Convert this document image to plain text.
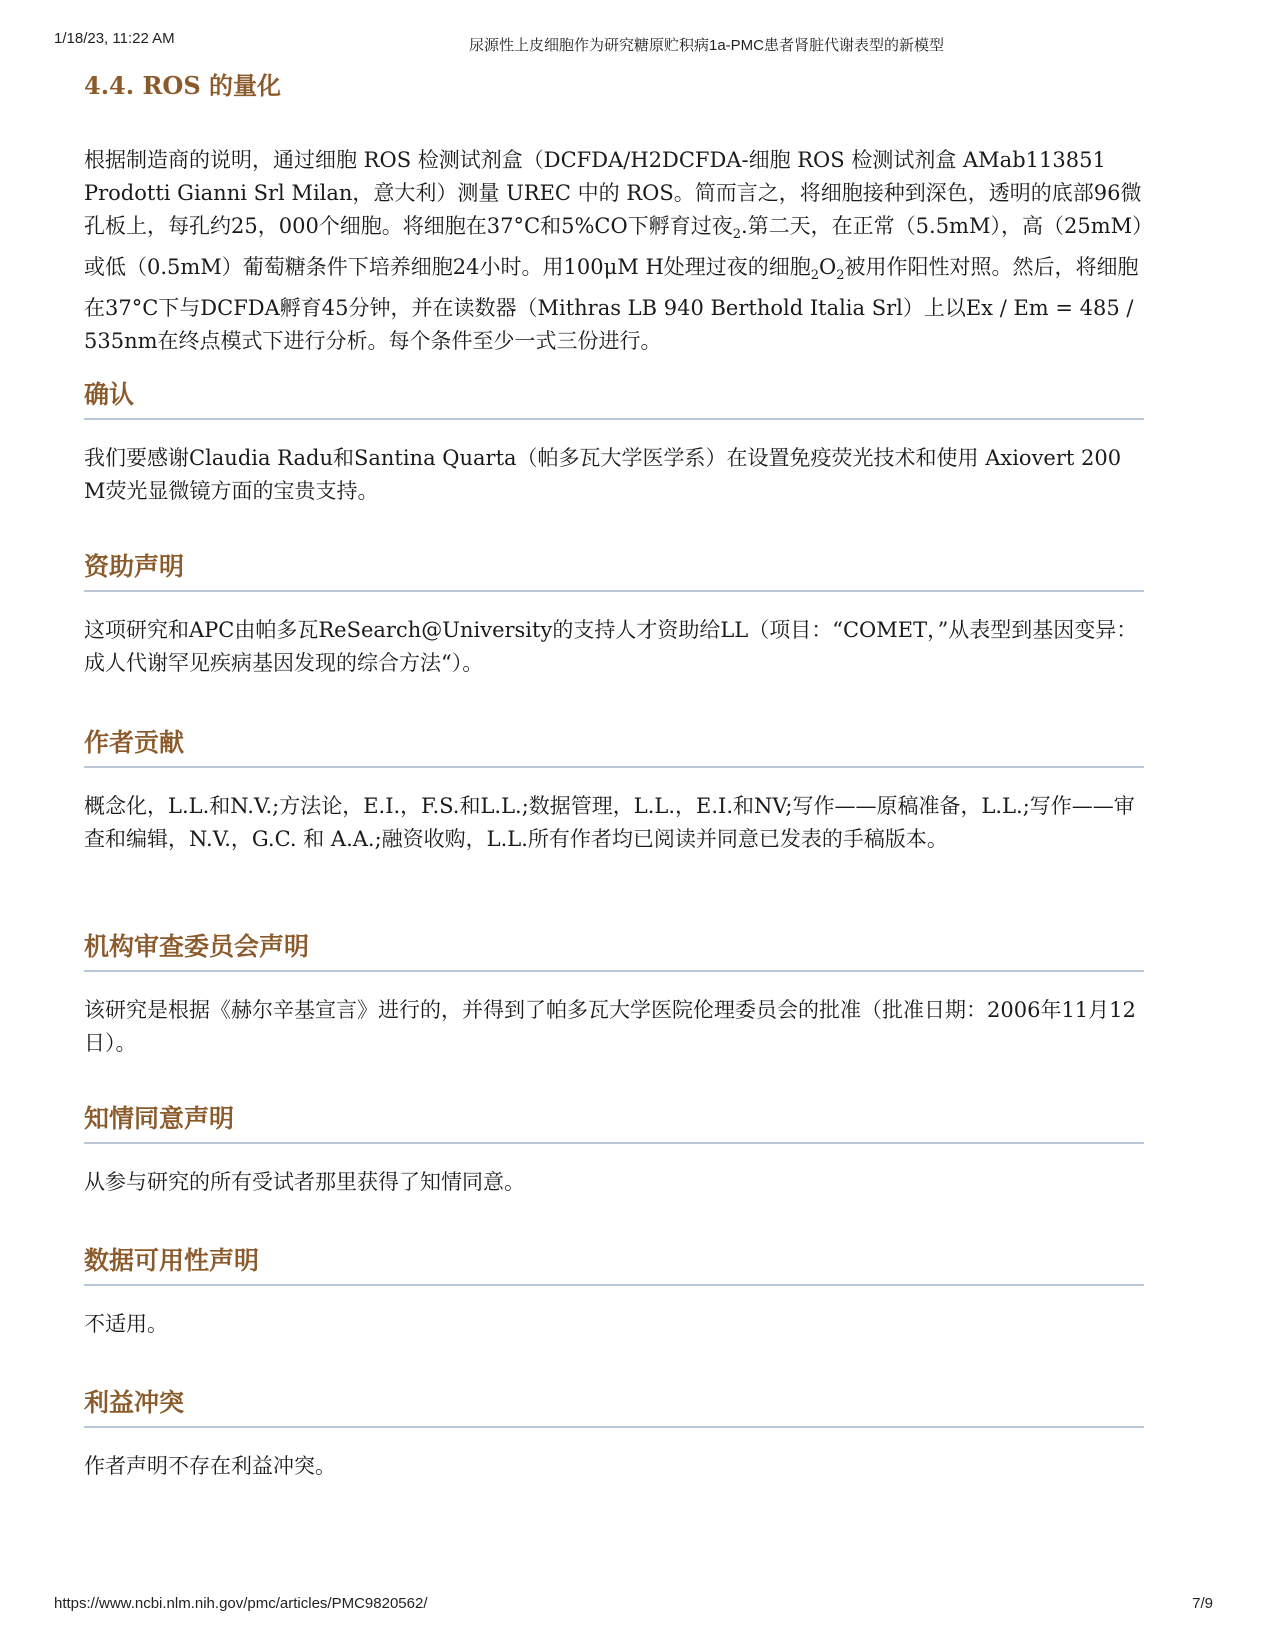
1/18/23, 11:22 AM	尿源性上皮细胞作为研究糖原贮积病1a-PMC患者肾脏代谢表型的新模型
4.4. ROS 的量化

根据制造商的说明，通过细胞 ROS 检测试剂盒（DCFDA/H2DCFDA-细胞 ROS 检测试剂盒 AMab113851 Prodotti Gianni Srl Milan，意大利）测量 UREC 中的 ROS。简而言之，将细胞接种到深色，透明的底部96微孔板上，每孔约25，000个细胞。将细胞在37°C和5%CO下孵育过夜$_2$.第二天，在正常（5.5mM），高（25mM）或低（0.5mM）葡萄糖条件下培养细胞24小时。用100μM H处理过夜的细胞$_2O_2$被用作阳性对照。然后，将细胞在37°C下与DCFDA孵育45分钟，并在读数器（Mithras LB 940 Berthold Italia Srl）上以Ex / Em = 485 / 535nm在终点模式下进行分析。每个条件至少一式三份进行。

确认

我们要感谢Claudia Radu和Santina Quarta（帕多瓦大学医学系）在设置免疫荧光技术和使用 Axiovert 200 M荧光显微镜方面的宝贵支持。

资助声明

这项研究和APC由帕多瓦ReSearch@University的支持人才资助给LL（项目：“COMET，”从表型到基因变异：成人代谢罕见疾病基因发现的综合方法“）。

作者贡献

概念化，L.L.和N.V.;方法论，E.I.，F.S.和L.L.;数据管理，L.L.，E.I.和NV;写作——原稿准备，L.L.;写作——审查和编辑，N.V.，G.C. 和 A.A.;融资收购，L.L.所有作者均已阅读并同意已发表的手稿版本。

机构审查委员会声明

该研究是根据《赫尔辛基宣言》进行的，并得到了帕多瓦大学医院伦理委员会的批准（批准日期：2006年11月12日）。

知情同意声明

从参与研究的所有受试者那里获得了知情同意。

数据可用性声明

不适用。

利益冲突

作者声明不存在利益冲突。

https://www.ncbi.nlm.nih.gov/pmc/articles/PMC9820562/	7/9
